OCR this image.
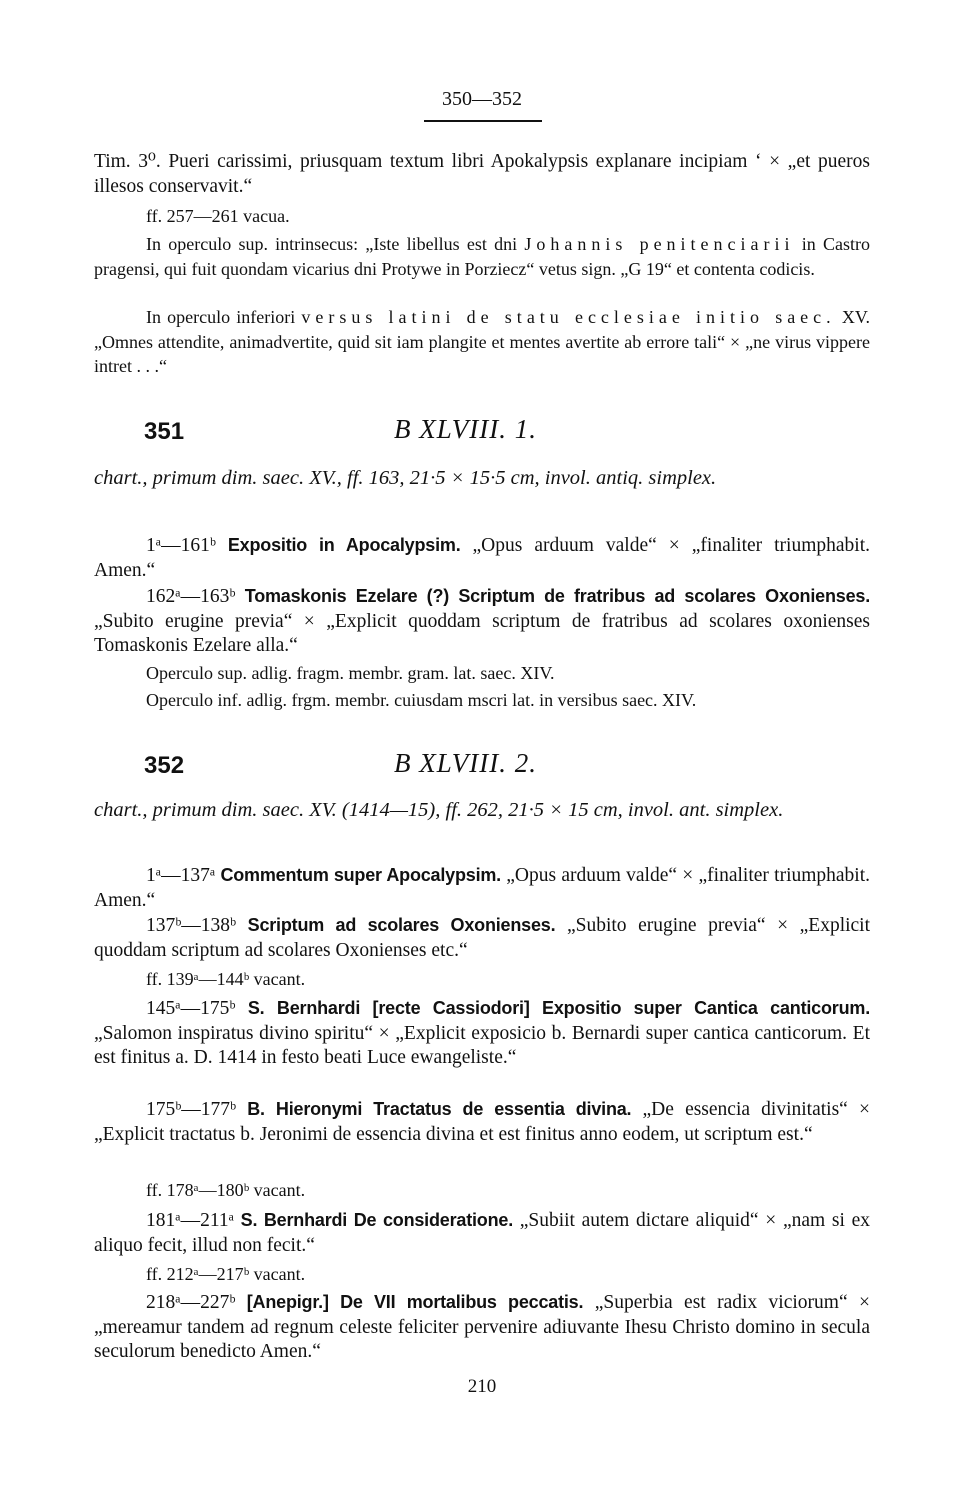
350—352
Tim. 3⁰. Pueri carissimi, priusquam textum libri Apokalypsis explanare incipiam ‘ × „et pueros illesos conservavit.“
ff. 257—261 vacua.
In operculo sup. intrinsecus: „Iste libellus est dni Johannis penitenciarii in Castro pragensi, qui fuit quondam vicarius dni Protywe in Porziecz“ vetus sign. „G 19“ et contenta codicis.
In operculo inferiori versus latini de statu ecclesiae initio saec. XV. „Omnes attendite, animadvertite, quid sit iam plangite et mentes avertite ab errore tali“ × „ne virus vippere intret . . .“
351	B XLVIII. 1.
chart., primum dim. saec. XV., ff. 163, 21·5 × 15·5 cm, invol. antiq. simplex.
1ᵃ—161ᵇ Expositio in Apocalypsim. „Opus arduum valde“ × „finaliter triumphabit. Amen.“
162ᵃ—163ᵇ Tomaskonis Ezelare (?) Scriptum de fratribus ad scolares Oxonienses. „Subito erugine previa“ × „Explicit quoddam scriptum de fratribus ad scolares oxonienses Tomaskonis Ezelare alla.“
Operculo sup. adlig. fragm. membr. gram. lat. saec. XIV.
Operculo inf. adlig. frgm. membr. cuiusdam mscri lat. in versibus saec. XIV.
352	B XLVIII. 2.
chart., primum dim. saec. XV. (1414—15), ff. 262, 21·5 × 15 cm, invol. ant. simplex.
1ᵃ—137ᵃ Commentum super Apocalypsim. „Opus arduum valde“ × „finaliter triumphabit. Amen.“
137ᵇ—138ᵇ Scriptum ad scolares Oxonienses. „Subito erugine previa“ × „Explicit quoddam scriptum ad scolares Oxonienses etc.“
ff. 139ᵃ—144ᵇ vacant.
145ᵃ—175ᵇ S. Bernhardi [recte Cassiodori] Expositio super Cantica canticorum. „Salomon inspiratus divino spiritu“ × „Explicit exposicio b. Bernardi super cantica canticorum. Et est finitus a. D. 1414 in festo beati Luce ewangeliste.“
175ᵇ—177ᵇ B. Hieronymi Tractatus de essentia divina. „De essencia divinitatis“ × „Explicit tractatus b. Jeronimi de essencia divina et est finitus anno eodem, ut scriptum est.“
ff. 178ᵃ—180ᵇ vacant.
181ᵃ—211ᵃ S. Bernhardi De consideratione. „Subiit autem dictare aliquid“ × „nam si ex aliquo fecit, illud non fecit.“
ff. 212ᵃ—217ᵇ vacant.
218ᵃ—227ᵇ [Anepigr.] De VII mortalibus peccatis. „Superbia est radix viciorum“ × „mereamur tandem ad regnum celeste feliciter pervenire adiuvante Ihesu Christo domino in secula seculorum benedicto Amen.“
210
